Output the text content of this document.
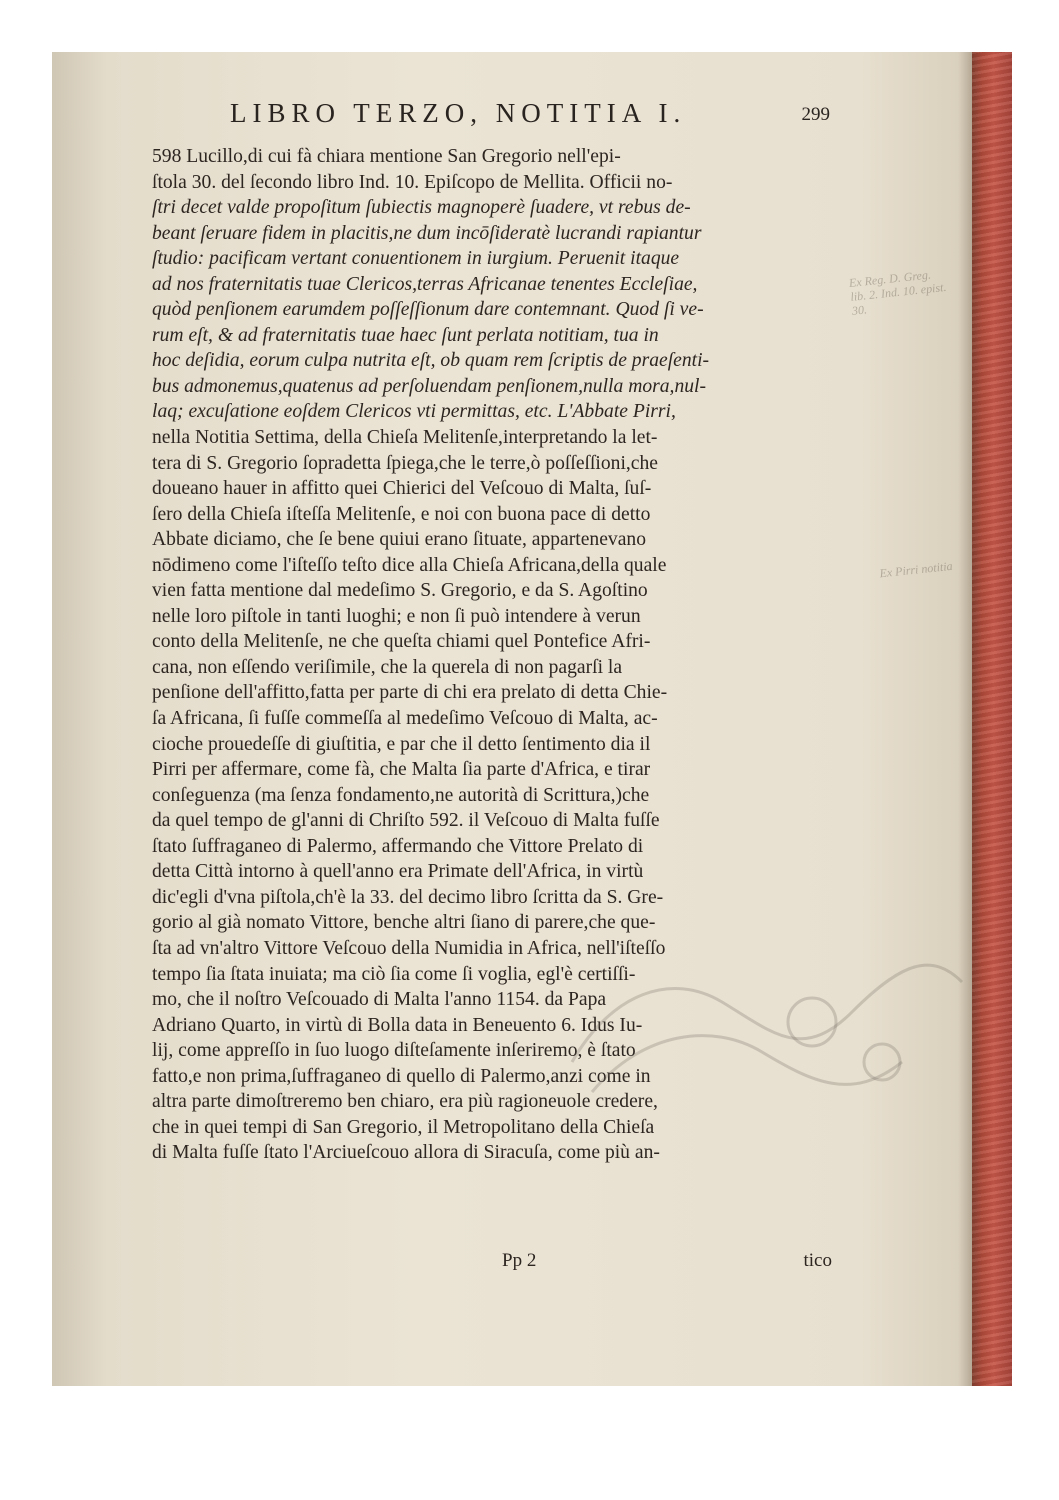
Ex Reg. D. Greg. lib. 2. Ind. 10. epist. 30.
Ex Pirri notitia
LIBRO TERZO, NOTITIA I.	299
598 Lucillo,di cui fà chiara mentione San Gregorio nell'epi-
ſtola 30. del ſecondo libro Ind. 10. Epiſcopo de Mellita. Officii no-
ſtri decet valde propoſitum ſubiectis magnoperè ſuadere, vt rebus de-
beant ſeruare fidem in placitis,ne dum incōſideratè lucrandi rapiantur
ſtudio: pacificam vertant conuentionem in iurgium. Peruenit itaque
ad nos fraternitatis tuae Clericos,terras Africanae tenentes Eccleſiae,
quòd penſionem earumdem poſſeſſionum dare contemnant. Quod ſi ve-
rum eſt, & ad fraternitatis tuae haec ſunt perlata notitiam, tua in
hoc deſidia, eorum culpa nutrita eſt, ob quam rem ſcriptis de praeſenti-
bus admonemus,quatenus ad perſoluendam penſionem,nulla mora,nul-
laq; excuſatione eoſdem Clericos vti permittas, etc. L'Abbate Pirri,
nella Notitia Settima, della Chieſa Melitenſe,interpretando la let-
tera di S. Gregorio ſopradetta ſpiega,che le terre,ò poſſeſſioni,che
doueano hauer in affitto quei Chierici del Veſcouo di Malta, ſuſ-
ſero della Chieſa iſteſſa Melitenſe, e noi con buona pace di detto
Abbate diciamo, che ſe bene quiui erano ſituate, appartenevano
nōdimeno come l'iſteſſo teſto dice alla Chieſa Africana,della quale
vien fatta mentione dal medeſimo S. Gregorio, e da S. Agoſtino
nelle loro piſtole in tanti luoghi; e non ſi può intendere à verun
conto della Melitenſe, ne che queſta chiami quel Pontefice Afri-
cana, non eſſendo veriſimile, che la querela di non pagarſi la
penſione dell'affitto,fatta per parte di chi era prelato di detta Chie-
ſa Africana, ſi fuſſe commeſſa al medeſimo Veſcouo di Malta, ac-
cioche prouedeſſe di giuſtitia, e par che il detto ſentimento dia il
Pirri per affermare, come fà, che Malta ſia parte d'Africa, e tirar
conſeguenza (ma ſenza fondamento,ne autorità di Scrittura,)che
da quel tempo de gl'anni di Chriſto 592. il Veſcouo di Malta fuſſe
ſtato ſuffraganeo di Palermo, affermando che Vittore Prelato di
detta Città intorno à quell'anno era Primate dell'Africa, in virtù
dic'egli d'vna piſtola,ch'è la 33. del decimo libro ſcritta da S. Gre-
gorio al già nomato Vittore, benche altri ſiano di parere,che que-
ſta ad vn'altro Vittore Veſcouo della Numidia in Africa, nell'iſteſſo
tempo ſia ſtata inuiata; ma ciò ſia come ſi voglia, egl'è certiſſi-
mo, che il noſtro Veſcouado di Malta l'anno 1154. da Papa
Adriano Quarto, in virtù di Bolla data in Beneuento 6. Idus Iu-
lij, come appreſſo in ſuo luogo diſteſamente inſeriremo, è ſtato
fatto,e non prima,ſuffraganeo di quello di Palermo,anzi come in
altra parte dimoſtreremo ben chiaro, era più ragioneuole credere,
che in quei tempi di San Gregorio, il Metropolitano della Chieſa
di Malta fuſſe ſtato l'Arciueſcouo allora di Siracuſa, come più an-
Pp 2	tico
